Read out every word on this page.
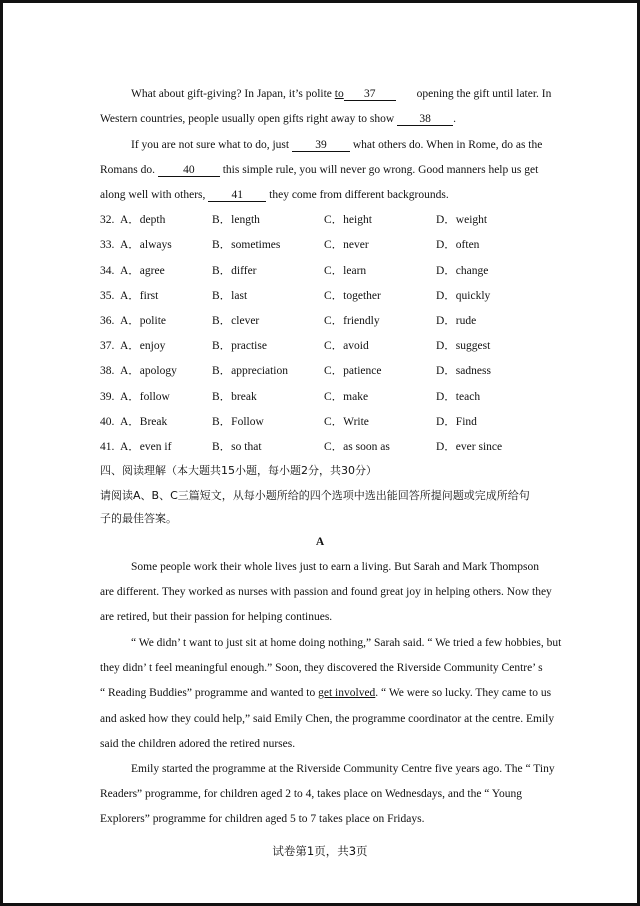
What about gift-giving? In Japan, it’s polite to 37	opening the gift until later. In
Western countries, people usually open gifts right away to show 38 .
If you are not sure what to do, just 39 what others do. When in Rome, do as the
Romans do. 40 this simple rule, you will never go wrong. Good manners help us get
along well with others, 41 they come from different backgrounds.
32. A．depth	B．length	C．height	D．weight
33. A．always	B．sometimes	C．never	D．often
34. A．agree	B．differ	C．learn	D．change
35. A．first	B．last	C．together	D．quickly
36. A．polite	B．clever	C．friendly	D．rude
37. A．enjoy	B．practise	C．avoid	D．suggest
38. A．apology	B．appreciation	C．patience	D．sadness
39. A．follow	B．break	C．make	D．teach
40. A．Break	B．Follow	C．Write	D．Find
41. A．even if	B．so that	C．as soon as	D．ever since
四、阅读理解（本大题共15小题，每小题2分，共30分）
请阅读A、B、C三篇短文，从每小题所给的四个选项中选出能回答所提问题或完成所给句
子的最佳答案。
A
Some people work their whole lives just to earn a living. But Sarah and Mark Thompson
are different. They worked as nurses with passion and found great joy in helping others. Now they
are retired, but their passion for helping continues.
“ We didn’ t want to just sit at home doing nothing,” Sarah said. “ We tried a few hobbies, but
they didn’ t feel meaningful enough.” Soon, they discovered the Riverside Community Centre’ s
“ Reading Buddies” programme and wanted to get involved. “ We were so lucky. They came to us
and asked how they could help,” said Emily Chen, the programme coordinator at the centre. Emily
said the children adored the retired nurses.
Emily started the programme at the Riverside Community Centre five years ago. The “ Tiny
Readers” programme, for children aged 2 to 4, takes place on Wednesdays, and the “ Young
Explorers” programme for children aged 5 to 7 takes place on Fridays.
试卷第1页，共3页
